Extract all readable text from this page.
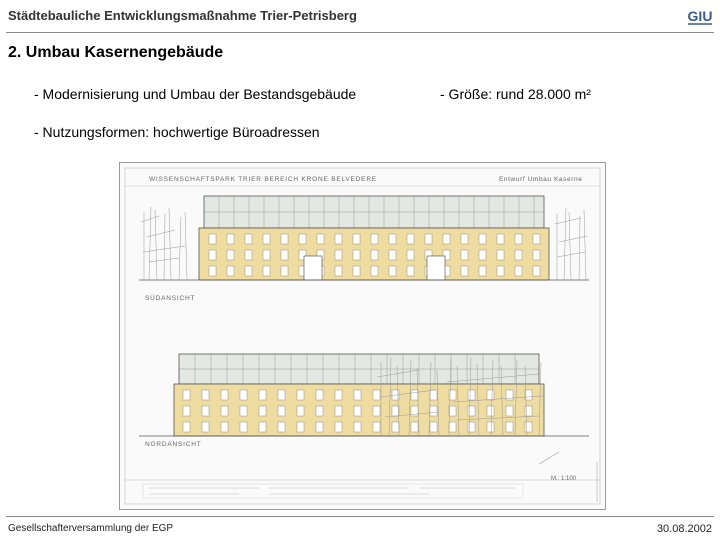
Städtebauliche Entwicklungsmaßnahme Trier-Petrisberg	GIU
2. Umbau Kasernengebäude
- Modernisierung und Umbau der Bestandsgebäude	- Größe: rund 28.000 m²
- Nutzungsformen: hochwertige Büroadressen
WISSENSCHAFTSPARK TRIER BEREICH KRONE BELVEDERE	Entwurf Umbau Kaserne
SÜDANSICHT
NORDANSICHT
M.: 1:100
Gesellschafterversammlung der EGP	30.08.2002
